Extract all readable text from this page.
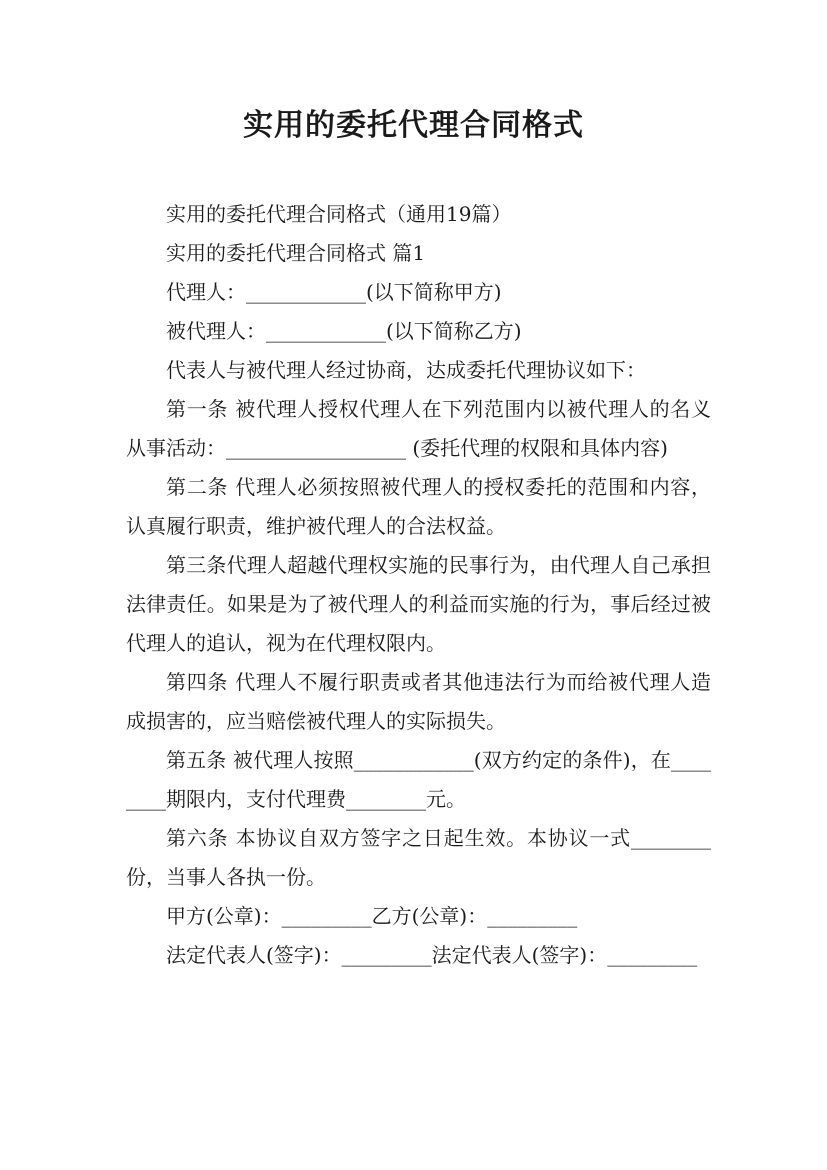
实用的委托代理合同格式

实用的委托代理合同格式（通用19篇）

实用的委托代理合同格式 篇1

代理人：____________(以下简称甲方)

被代理人：____________(以下简称乙方)

代表人与被代理人经过协商，达成委托代理协议如下：

第一条 被代理人授权代理人在下列范围内以被代理人的名义从事活动：__________________ (委托代理的权限和具体内容)

第二条 代理人必须按照被代理人的授权委托的范围和内容，认真履行职责，维护被代理人的合法权益。

第三条代理人超越代理权实施的民事行为，由代理人自己承担法律责任。如果是为了被代理人的利益而实施的行为，事后经过被代理人的追认，视为在代理权限内。

第四条 代理人不履行职责或者其他违法行为而给被代理人造成损害的，应当赔偿被代理人的实际损失。

第五条 被代理人按照____________(双方约定的条件)，在________期限内，支付代理费________元。

第六条 本协议自双方签字之日起生效。本协议一式________份，当事人各执一份。

甲方(公章)：_________乙方(公章)：_________

法定代表人(签字)：_________法定代表人(签字)：_________
